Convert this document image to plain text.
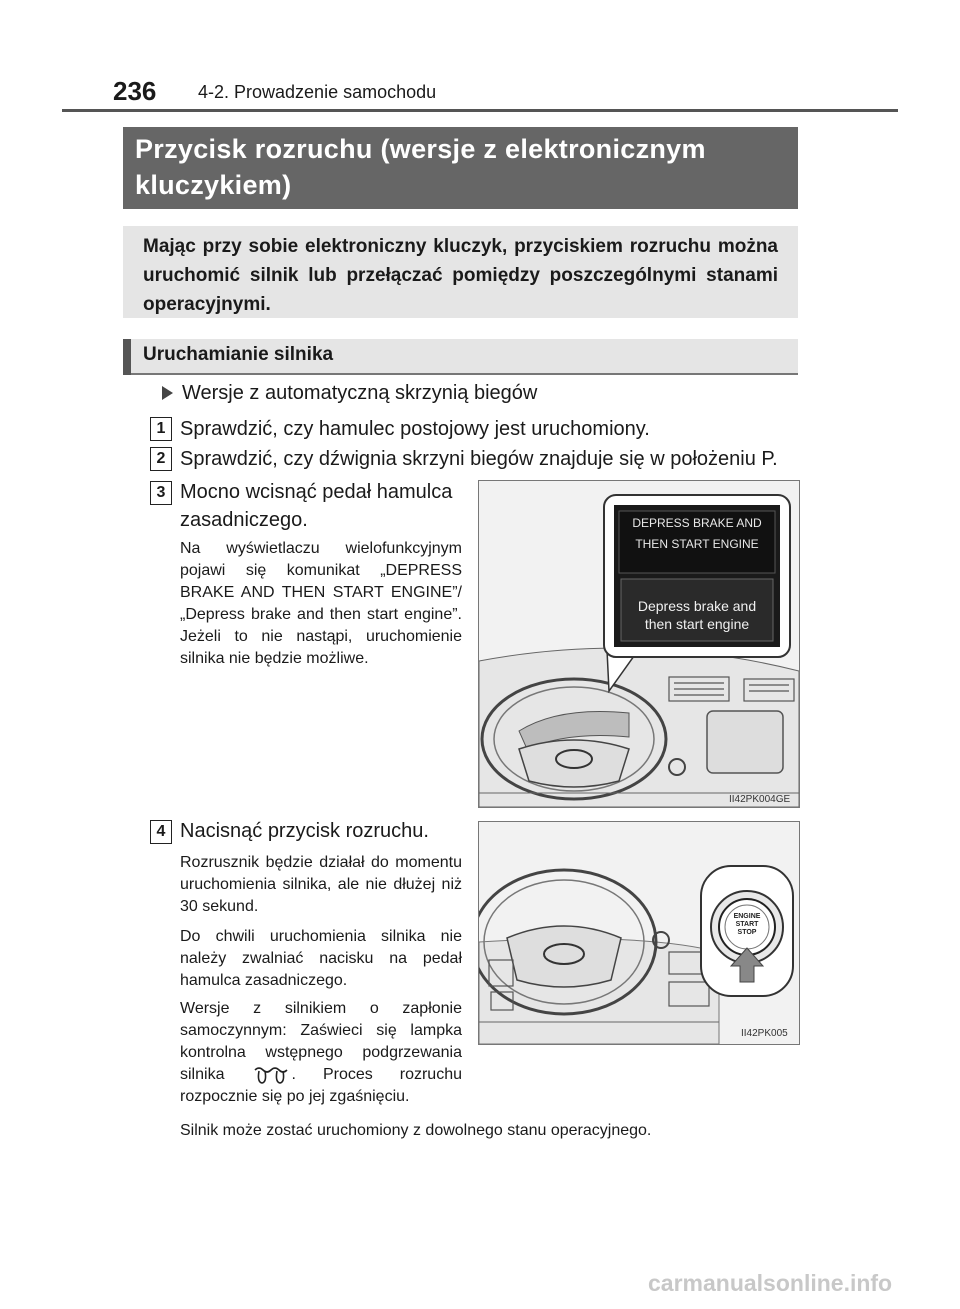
236 4-2. Prowadzenie samochodu
Przycisk rozruchu (wersje z elektronicznym
kluczykiem)
Mając przy sobie elektroniczny kluczyk, przyciskiem rozruchu można uruchomić silnik lub przełączać pomiędzy poszczególnymi stanami operacyjnymi.
Uruchamianie silnika
Wersje z automatyczną skrzynią biegów
1 Sprawdzić, czy hamulec postojowy jest uruchomiony.
2 Sprawdzić, czy dźwignia skrzyni biegów znajduje się w położeniu P.
3 Mocno wcisnąć pedał hamulca
zasadniczego.
Na wyświetlaczu wielofunkcyjnym pojawi się komunikat „DEPRESS BRAKE AND THEN START ENGINE”/„Depress brake and then start engine”. Jeżeli to nie nastąpi, uruchomienie silnika nie będzie możliwe.
DEPRESS BRAKE AND
THEN START ENGINE
Depress brake and
then start engine
II42PK004GE
4 Nacisnąć przycisk rozruchu.
Rozrusznik będzie działał do momentu uruchomienia silnika, ale nie dłużej niż 30 sekund.
Do chwili uruchomienia silnika nie należy zwalniać nacisku na pedał hamulca zasadniczego.
Wersje z silnikiem o zapłonie samoczynnym: Zaświeci się lampka kontrolna wstępnego podgrzewania silnika	. Proces rozruchu rozpocznie się po jej zgaśnięciu.
ENGINE
START
STOP
II42PK005
Silnik może zostać uruchomiony z dowolnego stanu operacyjnego.
carmanualsonline.info
